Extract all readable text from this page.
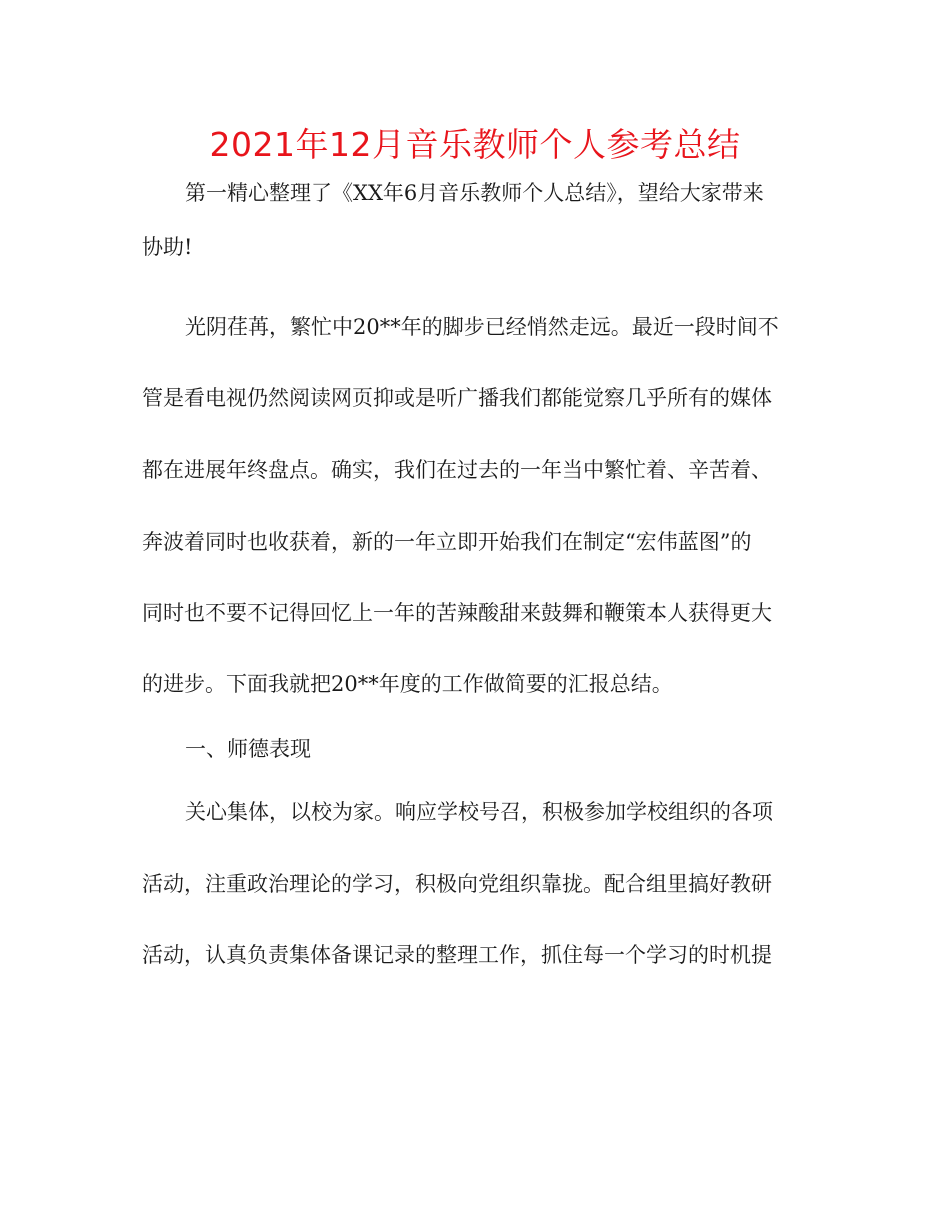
2021年12月音乐教师个人参考总结
第一精心整理了《XX年6月音乐教师个人总结》，望给大家带来
协助!
光阴荏苒，繁忙中20**年的脚步已经悄然走远。最近一段时间不
管是看电视仍然阅读网页抑或是听广播我们都能觉察几乎所有的媒体
都在进展年终盘点。确实，我们在过去的一年当中繁忙着、辛苦着、
奔波着同时也收获着，新的一年立即开始我们在制定“宏伟蓝图”的
同时也不要不记得回忆上一年的苦辣酸甜来鼓舞和鞭策本人获得更大
的进步。下面我就把20**年度的工作做简要的汇报总结。
一、师德表现
关心集体，以校为家。响应学校号召，积极参加学校组织的各项
活动，注重政治理论的学习，积极向党组织靠拢。配合组里搞好教研
活动，认真负责集体备课记录的整理工作，抓住每一个学习的时机提
